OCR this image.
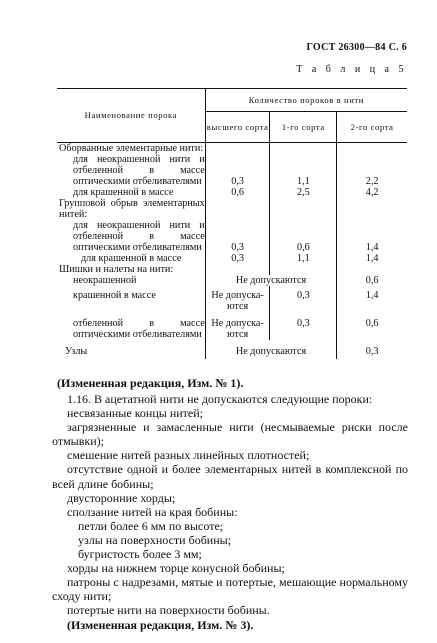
ГОСТ 26300—84 С. 6
Т а б л и ц а 5
Наименование порока	Количество пороков в нити		
	высшего сорта	1-го сорта	2-го сорта
Оборванные элементарные нити:			
для неокрашенной нити и отбеленной в массе оптическими отбеливателями	0,3	1,1	2,2
для крашенной в массе	0,6	2,5	4,2
Групповой обрыв элементарных нитей:			
для неокрашенной нити и отбеленной в массе оптическими отбеливателями	0,3	0,6	1,4
для крашенной в массе	0,3	1,1	1,4
Шишки и налеты на нити:			
неокрашенной	Не допускаются		0,6
крашенной в массе	Не допуска- ются	0,3	1,4
отбеленной в массе оптическими отбеливателями	Не допуска- ются	0,3	0,6
Узлы	Не допускаются		0,3
(Измененная редакция, Изм. № 1).

1.16. В ацетатной нити не допускаются следующие пороки:

несвязанные концы нитей;

загрязненные и замасленные нити (несмываемые риски после отмывки);

смешение нитей разных линейных плотностей;

отсутствие одной и более элементарных нитей в комплексной по всей длине бобины;

двусторонние хорды;

сползание нитей на края бобины:

петли более 6 мм по высоте;

узлы на поверхности бобины;

бугристость более 3 мм;

хорды на нижнем торце конусной бобины;

патроны с надрезами, мятые и потертые, мешающие нормальному сходу нити;

потертые нити на поверхности бобины.

(Измененная редакция, Изм. № 3).
